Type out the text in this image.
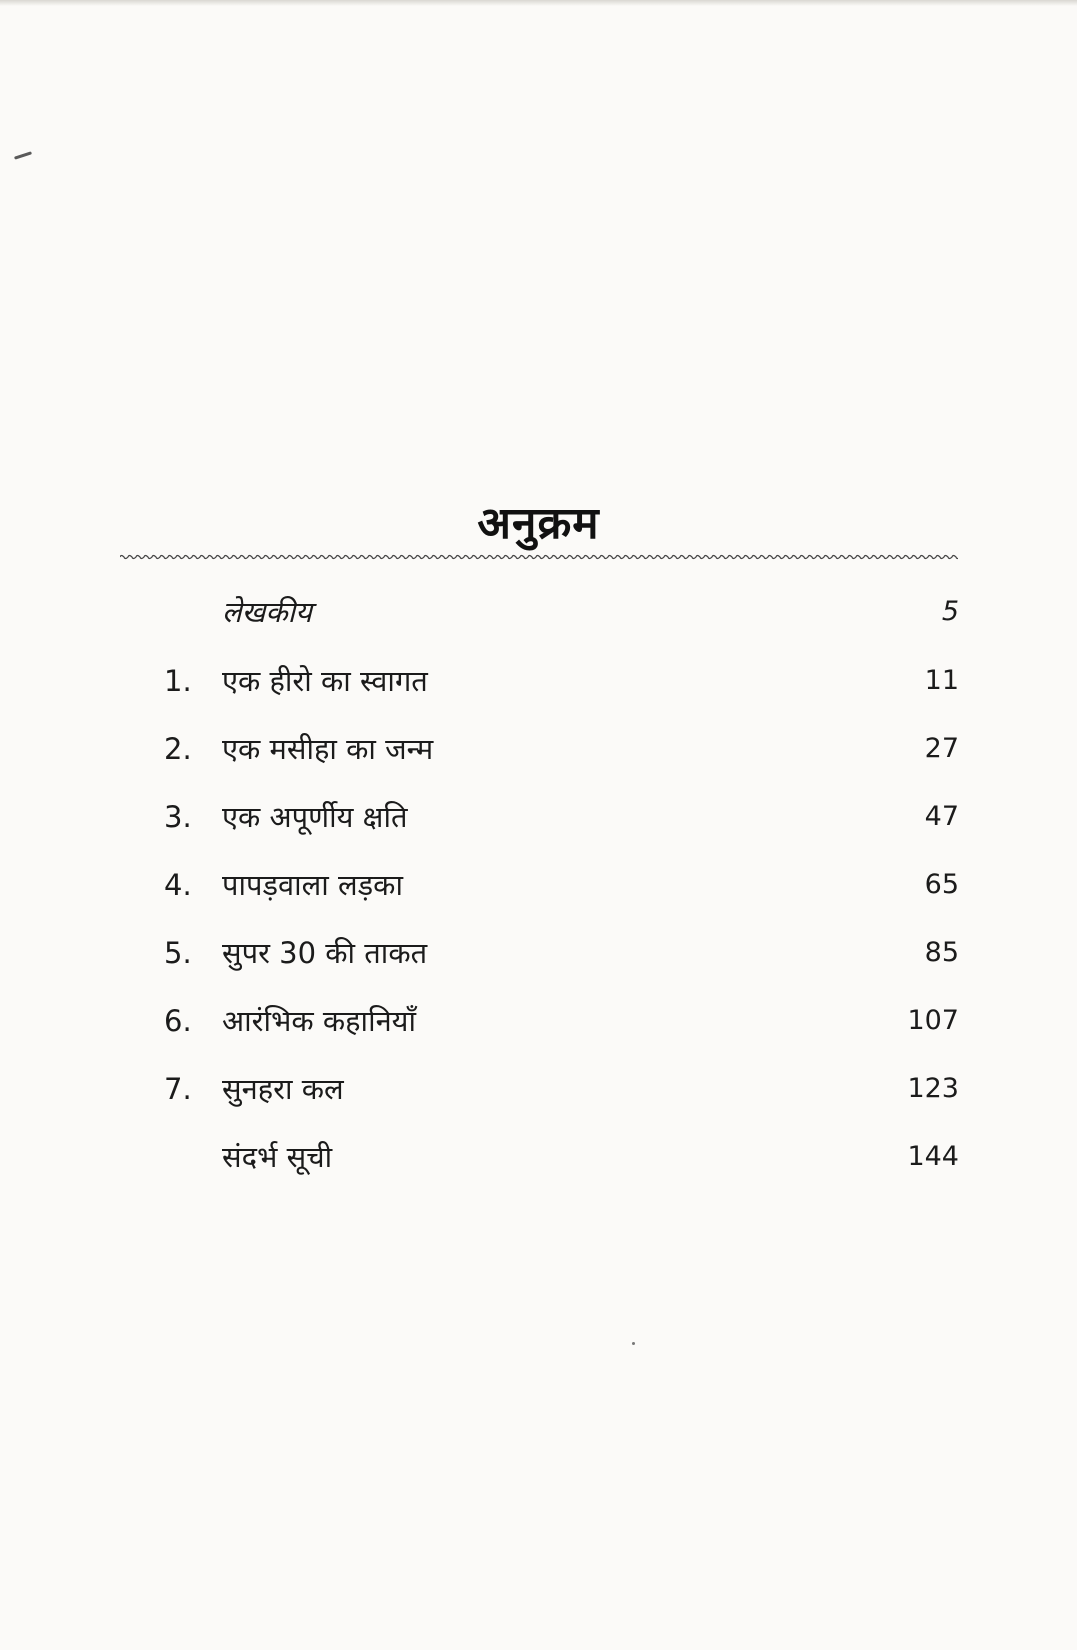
अनुक्रम
लेखकीय	5
1.	एक हीरो का स्वागत	11
2.	एक मसीहा का जन्म	27
3.	एक अपूर्णीय क्षति	47
4.	पापड़वाला लड़का	65
5.	सुपर 30 की ताकत	85
6.	आरंभिक कहानियाँ	107
7.	सुनहरा कल	123
संदर्भ सूची	144
